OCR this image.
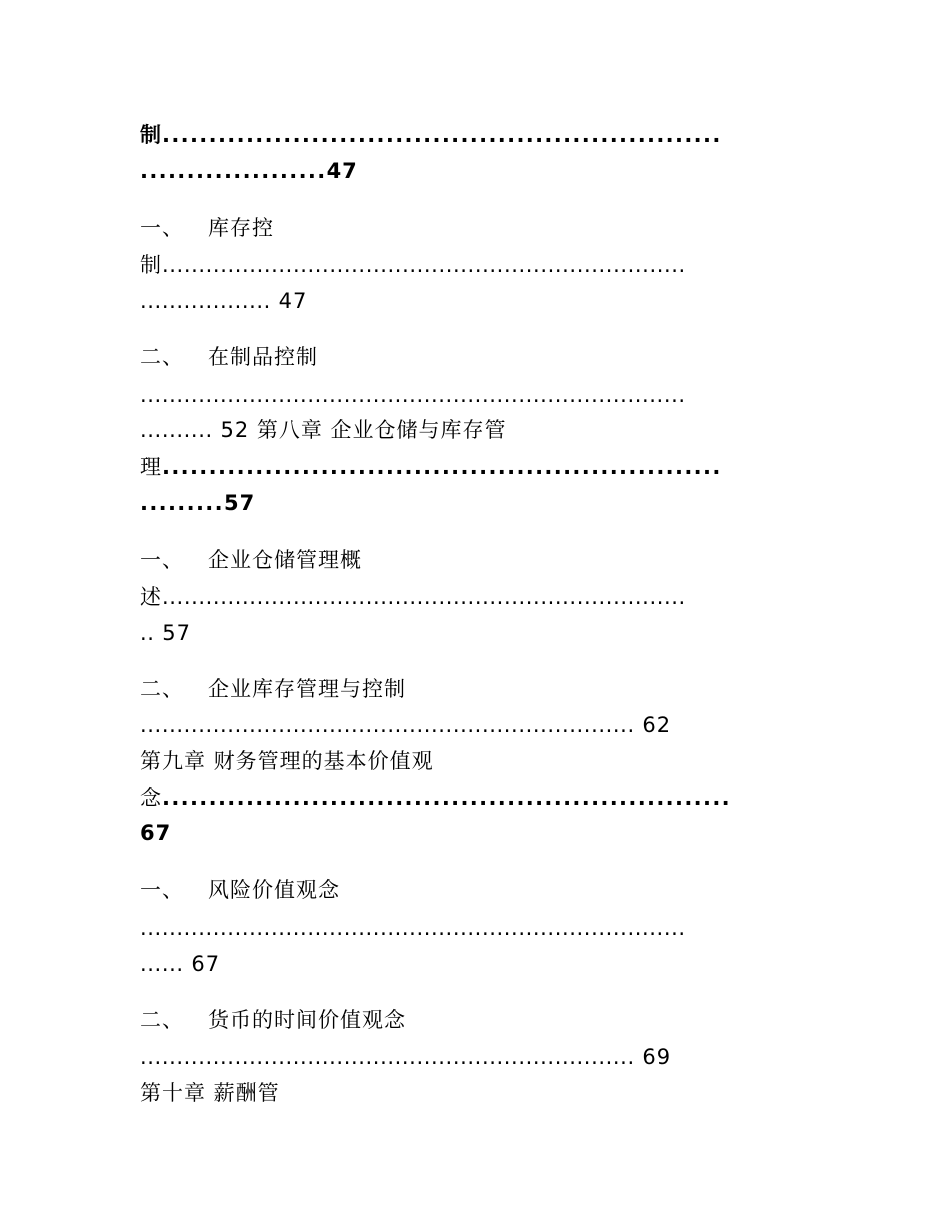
制............................................................
....................47
一、 库存控
制........................................................................
.................. 47
二、 在制品控制
...........................................................................
.......... 52 第八章 企业仓储与库存管
理............................................................
.........57
一、 企业仓储管理概
述........................................................................
.. 57
二、 企业库存管理与控制
.................................................................... 62
第九章 财务管理的基本价值观
念.............................................................
67
一、 风险价值观念
...........................................................................
...... 67
二、 货币的时间价值观念
.................................................................... 69
第十章 薪酬管
